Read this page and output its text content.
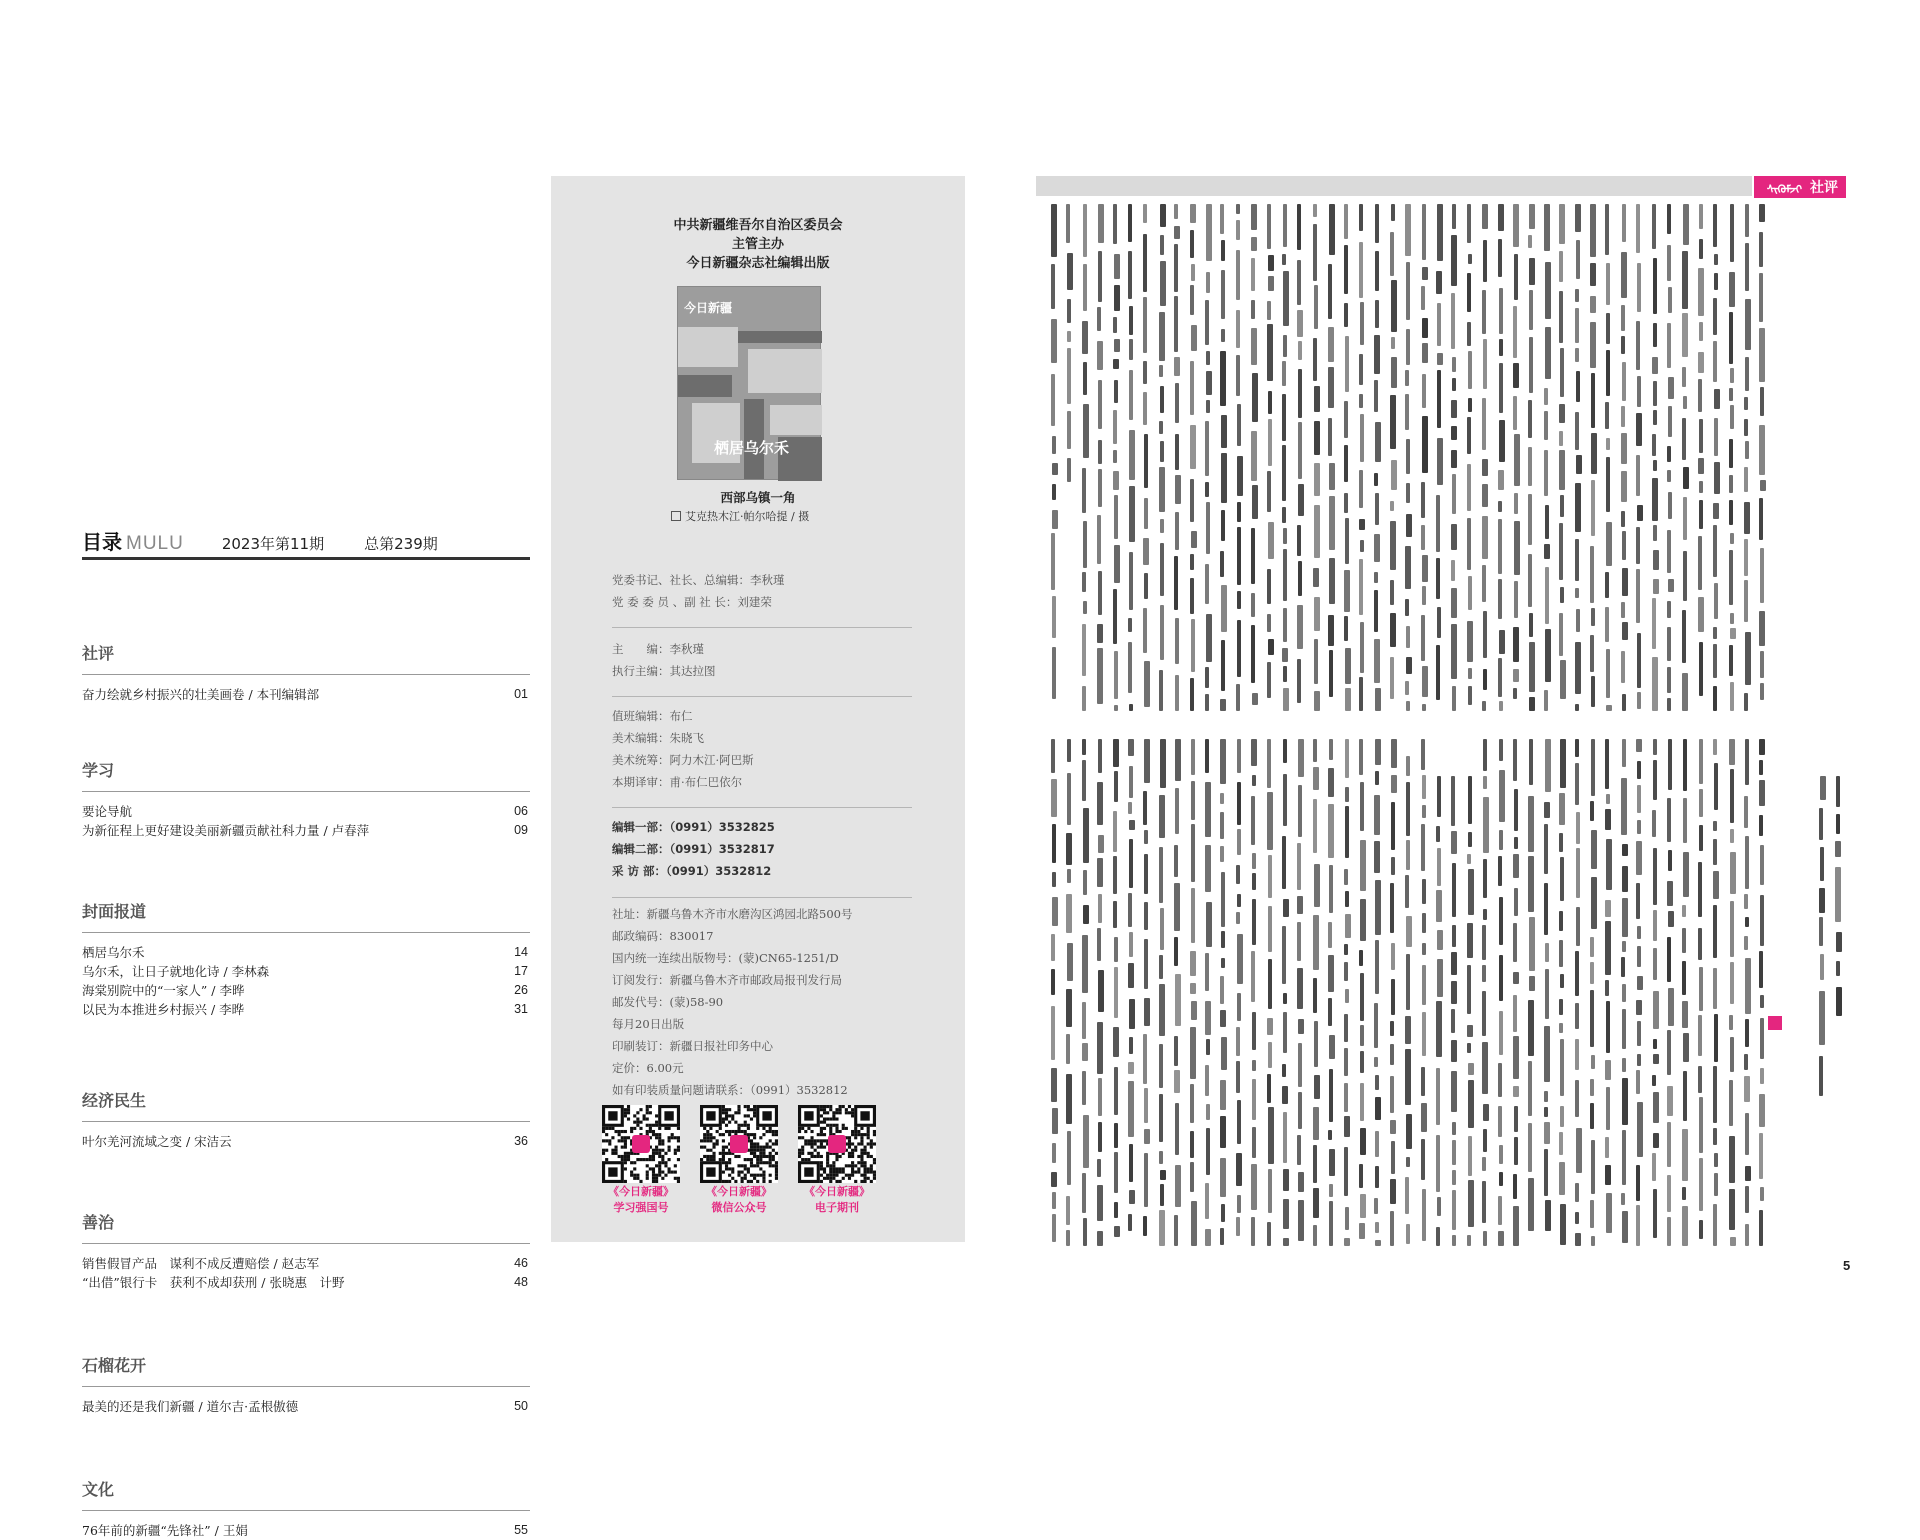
目录 MULU	2023年第11期	总第239期
社评
奋力绘就乡村振兴的壮美画卷 / 本刊编辑部	01
学习
要论导航	06
为新征程上更好建设美丽新疆贡献社科力量 / 卢春萍	09
封面报道
栖居乌尔禾	14
乌尔禾，让日子就地化诗 / 李林森	17
海棠别院中的“一家人” / 李晔	26
以民为本推进乡村振兴 / 李晔	31
经济民生
叶尔羌河流域之变 / 宋洁云	36
善治
销售假冒产品　谋利不成反遭赔偿 / 赵志军	46
“出借”银行卡　获利不成却获刑 / 张晓惠　计野	48
石榴花开
最美的还是我们新疆 / 道尔吉·孟根傲德	50
文化
76年前的新疆“先锋社” / 王娟	55
中共新疆维吾尔自治区委员会
主管主办
今日新疆杂志社编辑出版
今日新疆
栖居乌尔禾
西部乌镇一角
艾克热木江·帕尔哈提 / 摄
党委书记、社长、总编辑：李秋瑾
党 委 委 员 、副 社 长：刘建荣
主　　编：李秋瑾
执行主编：其达拉图
值班编辑：布仁
美术编辑：朱晓飞
美术统筹：阿力木江·阿巴斯
本期译审：甫·布仁巴依尔
编辑一部：（0991）3532825
编辑二部：（0991）3532817
采 访 部：（0991）3532812
社址：新疆乌鲁木齐市水磨沟区鸿园北路500号
邮政编码：830017
国内统一连续出版物号：(蒙)CN65-1251/D
订阅发行：新疆乌鲁木齐市邮政局报刊发行局
邮发代号：(蒙)58-90
每月20日出版
印刷装订：新疆日报社印务中心
定价：6.00元
如有印装质量问题请联系：（0991）3532812
《今日新疆》
学习强国号
《今日新疆》
微信公众号
《今日新疆》
电子期刊
ᠰᠢᠭᠦᠮᠵᠢ 社评
5
